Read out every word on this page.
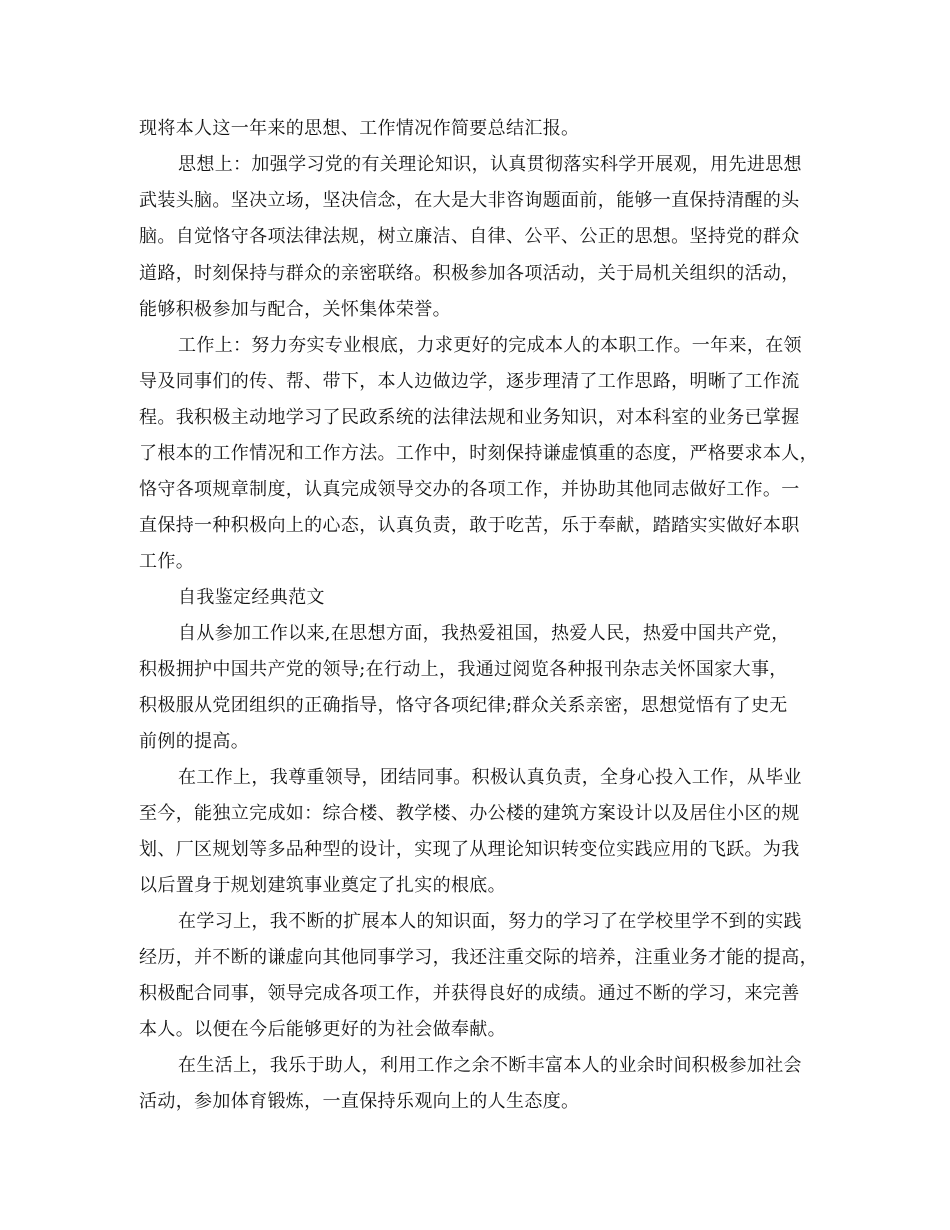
现将本人这一年来的思想、工作情况作简要总结汇报。
思想上：加强学习党的有关理论知识，认真贯彻落实科学开展观，用先进思想
武装头脑。坚决立场，坚决信念，在大是大非咨询题面前，能够一直保持清醒的头
脑。自觉恪守各项法律法规，树立廉洁、自律、公平、公正的思想。坚持党的群众
道路，时刻保持与群众的亲密联络。积极参加各项活动，关于局机关组织的活动，
能够积极参加与配合，关怀集体荣誉。
工作上：努力夯实专业根底，力求更好的完成本人的本职工作。一年来，在领
导及同事们的传、帮、带下，本人边做边学，逐步理清了工作思路，明晰了工作流
程。我积极主动地学习了民政系统的法律法规和业务知识，对本科室的业务已掌握
了根本的工作情况和工作方法。工作中，时刻保持谦虚慎重的态度，严格要求本人，
恪守各项规章制度，认真完成领导交办的各项工作，并协助其他同志做好工作。一
直保持一种积极向上的心态，认真负责，敢于吃苦，乐于奉献，踏踏实实做好本职
工作。
自我鉴定经典范文
自从参加工作以来,在思想方面，我热爱祖国，热爱人民，热爱中国共产党，
积极拥护中国共产党的领导;在行动上，我通过阅览各种报刊杂志关怀国家大事，
积极服从党团组织的正确指导，恪守各项纪律;群众关系亲密，思想觉悟有了史无
前例的提高。
在工作上，我尊重领导，团结同事。积极认真负责，全身心投入工作，从毕业
至今，能独立完成如：综合楼、教学楼、办公楼的建筑方案设计以及居住小区的规
划、厂区规划等多品种型的设计，实现了从理论知识转变位实践应用的飞跃。为我
以后置身于规划建筑事业奠定了扎实的根底。
在学习上，我不断的扩展本人的知识面，努力的学习了在学校里学不到的实践
经历，并不断的谦虚向其他同事学习，我还注重交际的培养，注重业务才能的提高，
积极配合同事，领导完成各项工作，并获得良好的成绩。通过不断的学习，来完善
本人。以便在今后能够更好的为社会做奉献。
在生活上，我乐于助人，利用工作之余不断丰富本人的业余时间积极参加社会
活动，参加体育锻炼，一直保持乐观向上的人生态度。
